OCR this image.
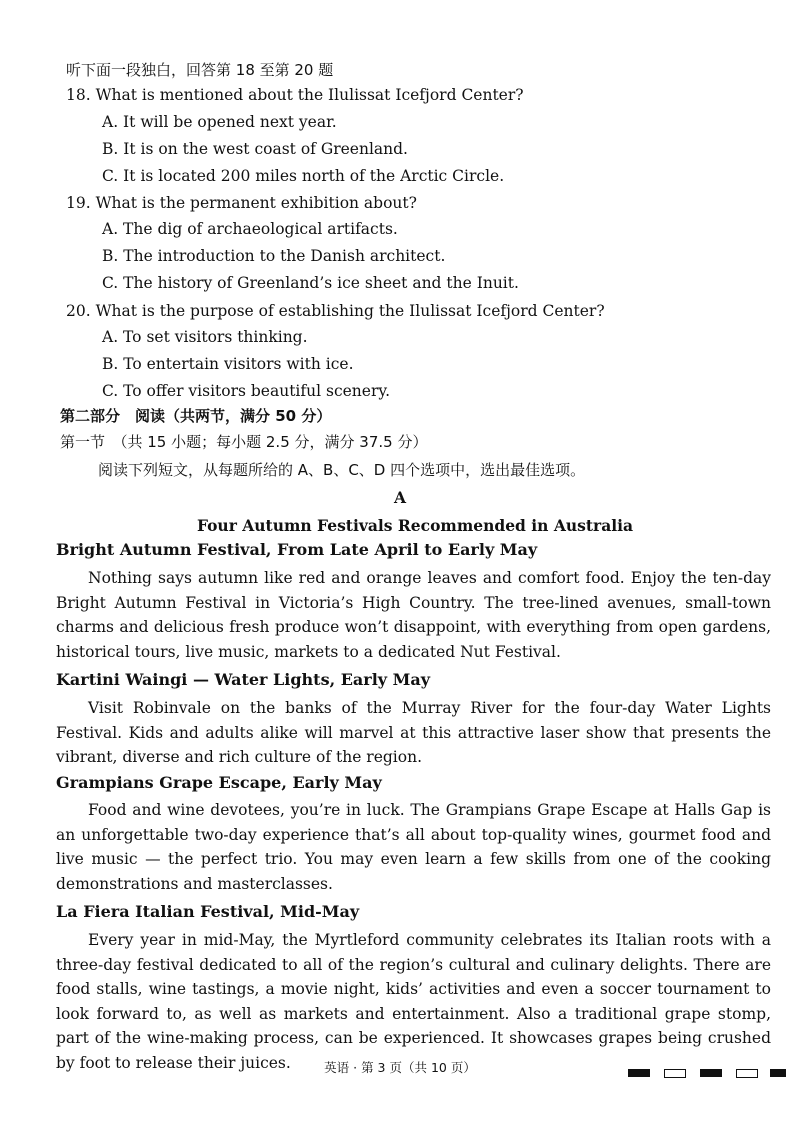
听下面一段独白，回答第 18 至第 20 题
18. What is mentioned about the Ilulissat Icefjord Center?
A. It will be opened next year.
B. It is on the west coast of Greenland.
C. It is located 200 miles north of the Arctic Circle.
19. What is the permanent exhibition about?
A. The dig of archaeological artifacts.
B. The introduction to the Danish architect.
C. The history of Greenland’s ice sheet and the Inuit.
20. What is the purpose of establishing the Ilulissat Icefjord Center?
A. To set visitors thinking.
B. To entertain visitors with ice.
C. To offer visitors beautiful scenery.
第二部分　阅读（共两节，满分 50 分）
第一节　（共 15 小题；每小题 2.5 分，满分 37.5 分）
阅读下列短文，从每题所给的 A、B、C、D 四个选项中，选出最佳选项。
A
Four Autumn Festivals Recommended in Australia
Bright Autumn Festival, From Late April to Early May
Nothing says autumn like red and orange leaves and comfort food. Enjoy the ten-day Bright Autumn Festival in Victoria’s High Country. The tree-lined avenues, small-town charms and delicious fresh produce won’t disappoint, with everything from open gardens, historical tours, live music, markets to a dedicated Nut Festival.
Kartini Waingi — Water Lights, Early May
Visit Robinvale on the banks of the Murray River for the four-day Water Lights Festival. Kids and adults alike will marvel at this attractive laser show that presents the vibrant, diverse and rich culture of the region.
Grampians Grape Escape, Early May
Food and wine devotees, you’re in luck. The Grampians Grape Escape at Halls Gap is an unforgettable two-day experience that’s all about top-quality wines, gourmet food and live music — the perfect trio. You may even learn a few skills from one of the cooking demonstrations and masterclasses.
La Fiera Italian Festival, Mid-May
Every year in mid-May, the Myrtleford community celebrates its Italian roots with a three-day festival dedicated to all of the region’s cultural and culinary delights. There are food stalls, wine tastings, a movie night, kids’ activities and even a soccer tournament to look forward to, as well as markets and entertainment. Also a traditional grape stomp, part of the wine-making process, can be experienced. It showcases grapes being crushed by foot to release their juices.	英语 · 第 3 页（共 10 页）
